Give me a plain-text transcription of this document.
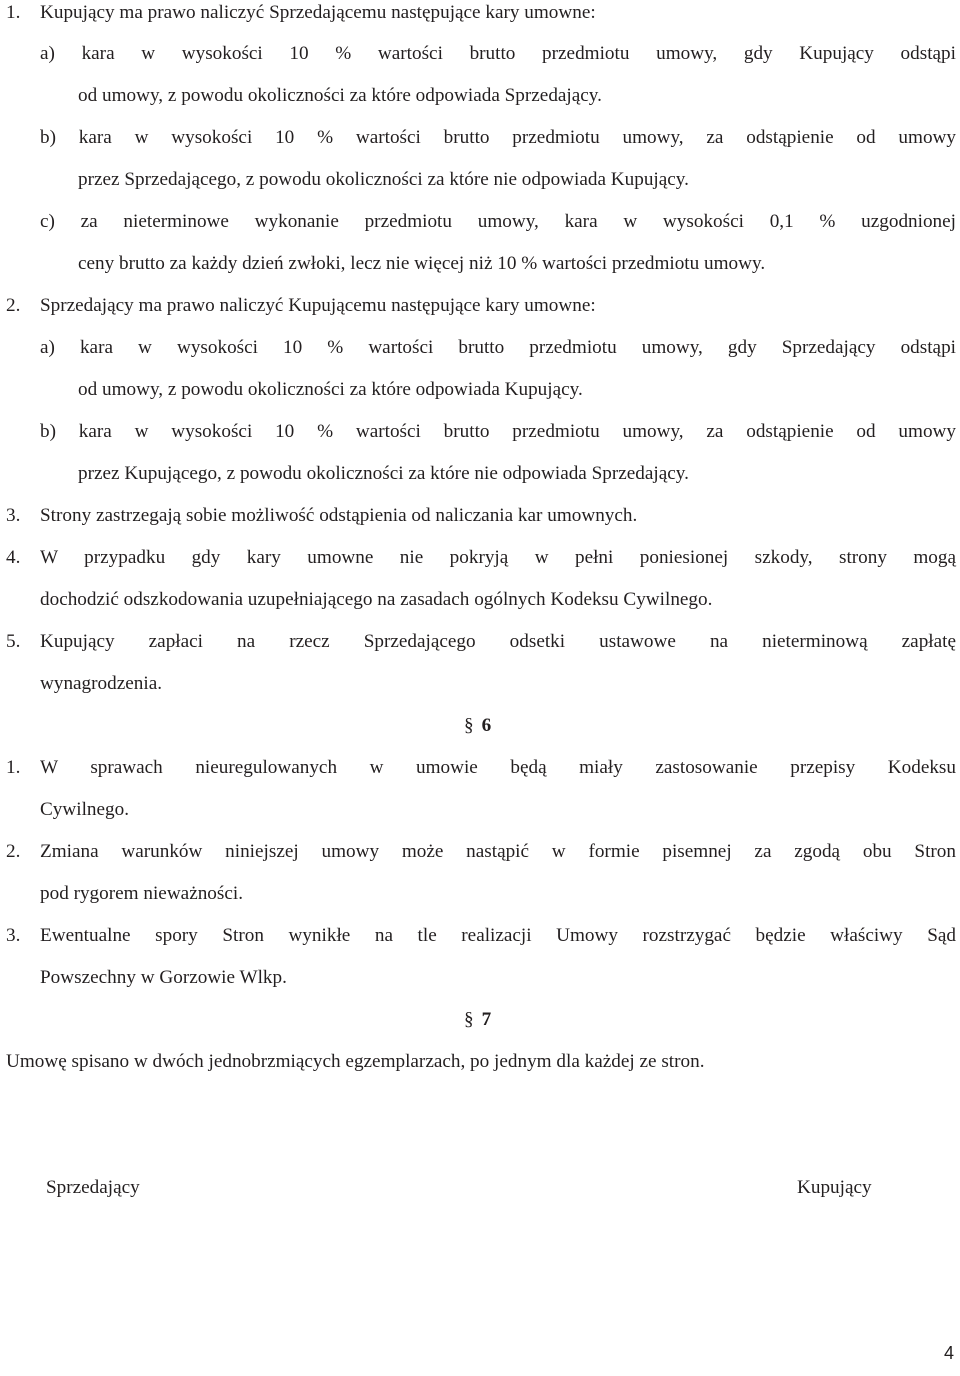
1. Kupujący ma prawo naliczyć Sprzedającemu następujące kary umowne:
a) kara w wysokości 10 % wartości brutto przedmiotu umowy, gdy Kupujący odstąpi
od umowy, z powodu okoliczności za które odpowiada Sprzedający.
b) kara w wysokości 10 % wartości brutto przedmiotu umowy, za odstąpienie od umowy
przez Sprzedającego, z powodu okoliczności za które nie odpowiada Kupujący.
c) za nieterminowe wykonanie przedmiotu umowy, kara w wysokości 0,1 % uzgodnionej
ceny brutto za każdy dzień zwłoki, lecz nie więcej niż 10 % wartości przedmiotu umowy.
2. Sprzedający ma prawo naliczyć Kupującemu następujące kary umowne:
a) kara w wysokości 10 % wartości brutto przedmiotu umowy, gdy Sprzedający odstąpi
od umowy, z powodu okoliczności za które odpowiada Kupujący.
b) kara w wysokości 10 % wartości brutto przedmiotu umowy, za odstąpienie od umowy
przez Kupującego, z powodu okoliczności za które nie odpowiada Sprzedający.
3. Strony zastrzegają sobie możliwość odstąpienia od naliczania kar umownych.
4. W przypadku gdy kary umowne nie pokryją w pełni poniesionej szkody, strony mogą
dochodzić odszkodowania uzupełniającego na zasadach ogólnych Kodeksu Cywilnego.
5. Kupujący zapłaci na rzecz Sprzedającego odsetki ustawowe na nieterminową zapłatę
wynagrodzenia.
§ 6
1. W sprawach nieuregulowanych w umowie będą miały zastosowanie przepisy Kodeksu
Cywilnego.
2. Zmiana warunków niniejszej umowy może nastąpić w formie pisemnej za zgodą obu Stron
pod rygorem nieważności.
3. Ewentualne spory Stron wynikłe na tle realizacji Umowy rozstrzygać będzie właściwy Sąd
Powszechny w Gorzowie Wlkp.
§ 7
Umowę spisano w dwóch jednobrzmiących egzemplarzach, po jednym dla każdej ze stron.
Sprzedający	Kupujący
4
